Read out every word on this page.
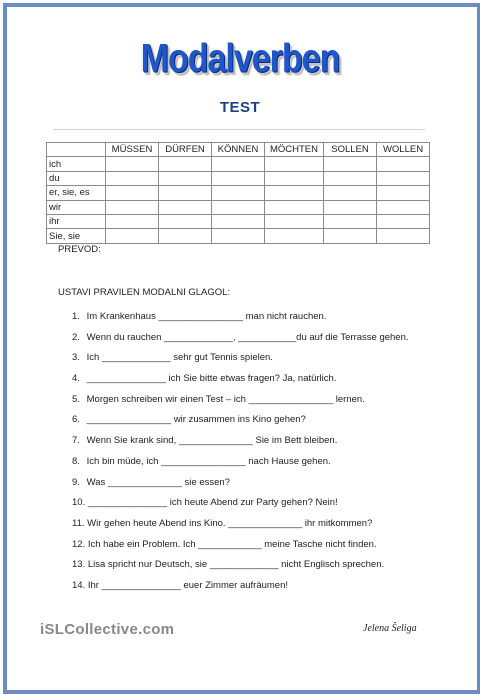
Modalverben
TEST
	MÜSSEN	DÜRFEN	KÖNNEN	MÖCHTEN	SOLLEN	WOLLEN
ich						
du						
er, sie, es						
wir						
ihr						
Sie, sie						
PREVOD:
USTAVI PRAVILEN MODALNI GLAGOL:
1. Im Krankenhaus ________________ man nicht rauchen.
2. Wenn du rauchen _____________, ___________du auf die Terrasse gehen.
3. Ich _____________ sehr gut Tennis spielen.
4. _______________ ich Sie bitte etwas fragen? Ja, natürlich.
5. Morgen schreiben wir einen Test – ich ________________ lernen.
6. ________________ wir zusammen ins Kino gehen?
7. Wenn Sie krank sind, ______________ Sie im Bett bleiben.
8. Ich bin müde, ich ________________ nach Hause gehen.
9. Was ______________ sie essen?
10. _______________ ich heute Abend zur Party gehen? Nein!
11. Wir gehen heute Abend ins Kino. ______________ ihr mitkommen?
12. Ich habe ein Problem. Ich ____________ meine Tasche nicht finden.
13. Lisa spricht nur Deutsch, sie _____________ nicht Englisch sprechen.
14. Ihr _______________ euer Zimmer aufräumen!
iSLCollective.com	Jelena Šeliga
